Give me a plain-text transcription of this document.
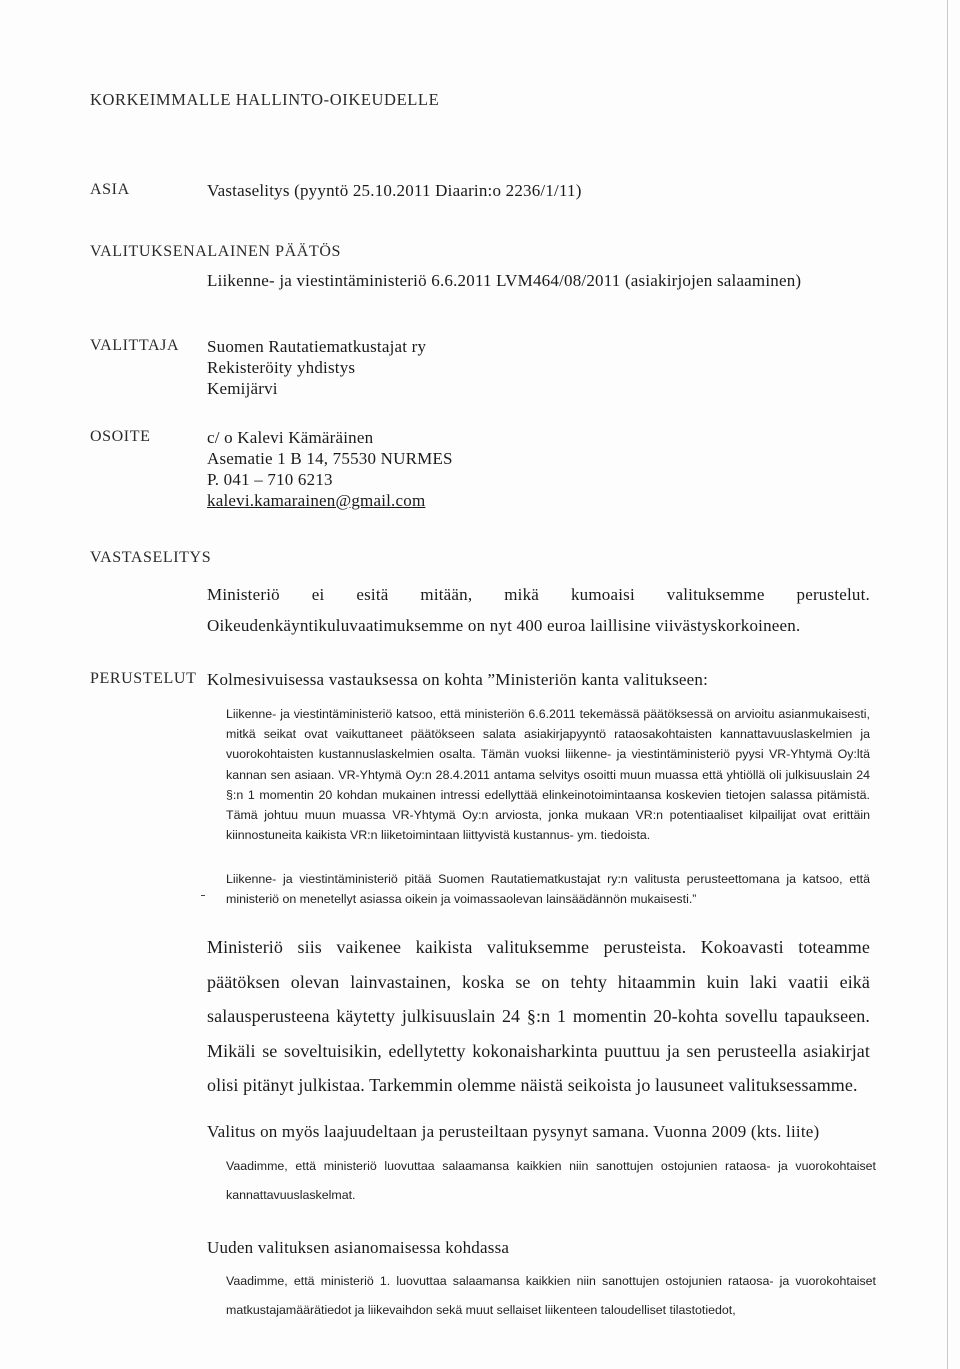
KORKEIMMALLE HALLINTO-OIKEUDELLE
ASIA	Vastaselitys (pyyntö 25.10.2011 Diaarin:o 2236/1/11)
VALITUKSENALAINEN PÄÄTÖS
Liikenne- ja viestintäministeriö 6.6.2011 LVM464/08/2011 (asiakirjojen salaaminen)
VALITTAJA Suomen Rautatiematkustajat ry
Rekisteröity yhdistys
Kemijärvi
OSOITE	c/ o Kalevi Kämäräinen
Asematie 1 B 14, 75530 NURMES
P. 041 – 710 6213
kalevi.kamarainen@gmail.com
VASTASELITYS
Ministeriö ei esitä mitään, mikä kumoaisi valituksemme perustelut. Oikeudenkäyntikuluvaatimuksemme on nyt 400 euroa laillisine viivästyskorkoineen.
PERUSTELUT Kolmesivuisessa vastauksessa on kohta ”Ministeriön kanta valitukseen:
Liikenne- ja viestintäministeriö katsoo, että ministeriön 6.6.2011 tekemässä päätöksessä on arvioitu asianmukaisesti, mitkä seikat ovat vaikuttaneet päätökseen salata asiakirjapyyntö rataosakohtaisten kannattavuuslaskelmien ja vuorokohtaisten kustannuslaskelmien osalta. Tämän vuoksi liikenne- ja viestintäministeriö pyysi VR-Yhtymä Oy:ltä kannan sen asiaan. VR-Yhtymä Oy:n 28.4.2011 antama selvitys osoitti muun muassa että yhtiöllä oli julkisuuslain 24 §:n 1 momentin 20 kohdan mukainen intressi edellyttää elinkeinotoimintaansa koskevien tietojen salassa pitämistä. Tämä johtuu muun muassa VR-Yhtymä Oy:n arviosta, jonka mukaan VR:n potentiaaliset kilpailijat ovat erittäin kiinnostuneita kaikista VR:n liiketoimintaan liittyvistä kustannus- ym. tiedoista.
Liikenne- ja viestintäministeriö pitää Suomen Rautatiematkustajat ry:n valitusta perusteettomana ja katsoo, että ministeriö on menetellyt asiassa oikein ja voimassaolevan lainsäädännön mukaisesti.”
Ministeriö siis vaikenee kaikista valituksemme perusteista. Kokoavasti toteamme päätöksen olevan lainvastainen, koska se on tehty hitaammin kuin laki vaatii eikä salausperusteena käytetty julkisuuslain 24 §:n 1 momentin 20-kohta sovellu tapaukseen. Mikäli se soveltuisikin, edellytetty kokonaisharkinta puuttuu ja sen perusteella asiakirjat olisi pitänyt julkistaa. Tarkemmin olemme näistä seikoista jo lausuneet valituksessamme.
Valitus on myös laajuudeltaan ja perusteiltaan pysynyt samana. Vuonna 2009 (kts. liite)
Vaadimme, että ministeriö luovuttaa salaamansa kaikkien niin sanottujen ostojunien rataosa- ja vuorokohtaiset kannattavuuslaskelmat.
Uuden valituksen asianomaisessa kohdassa
Vaadimme, että ministeriö 1. luovuttaa salaamansa kaikkien niin sanottujen ostojunien rataosa- ja vuorokohtaiset matkustajamäärätiedot ja liikevaihdon sekä muut sellaiset liikenteen taloudelliset tilastotiedot,
